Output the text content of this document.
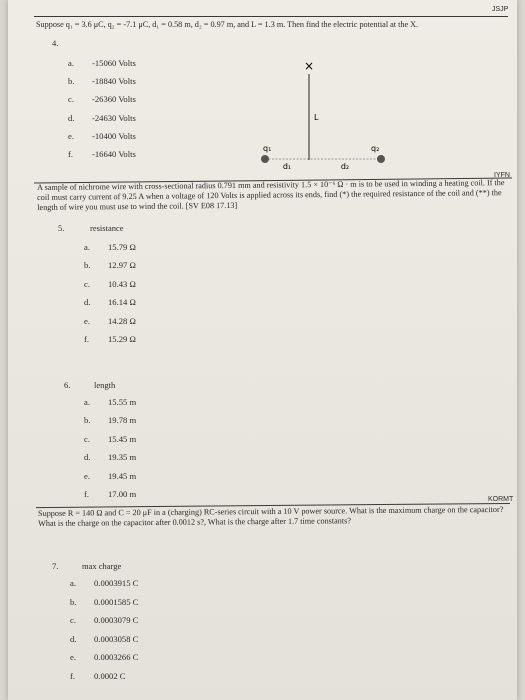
JSJP
Suppose q₁ = 3.6 μC, q₂ = -7.1 μC, d₁ = 0.58 m, d₂ = 0.97 m, and L = 1.3 m. Then find the electric potential at the X.
4.
a.	-15060 Volts
b.	-18840 Volts
c.	-26360 Volts
d.	-24630 Volts
e.	-10400 Volts
f.	-16640 Volts
×
L
q₁	q₂
d₁	d₂
IYFN
A sample of nichrome wire with cross-sectional radius 0.791 mm and resistivity 1.5 × 10⁻⁶ Ω · m is to be used in winding a heating coil. If the coil must carry current of 9.25 A when a voltage of 120 Volts is applied across its ends, find (*) the required resistance of the coil and (**) the length of wire you must use to wind the coil. [SV E08 17.13]
5.	resistance
a.	15.79 Ω
b.	12.97 Ω
c.	10.43 Ω
d.	16.14 Ω
e.	14.28 Ω
f.	15.29 Ω
6.	length
a.	15.55 m
b.	19.78 m
c.	15.45 m
d.	19.35 m
e.	19.45 m
f.	17.00 m
KORMT
Suppose R = 140 Ω and C = 20 μF in a (charging) RC-series circuit with a 10 V power source. What is the maximum charge on the capacitor? What is the charge on the capacitor after 0.0012 s?, What is the charge after 1.7 time constants?
7.	max charge
a.	0.0003915 C
b.	0.0001585 C
c.	0.0003079 C
d.	0.0003058 C
e.	0.0003266 C
f.	0.0002 C
